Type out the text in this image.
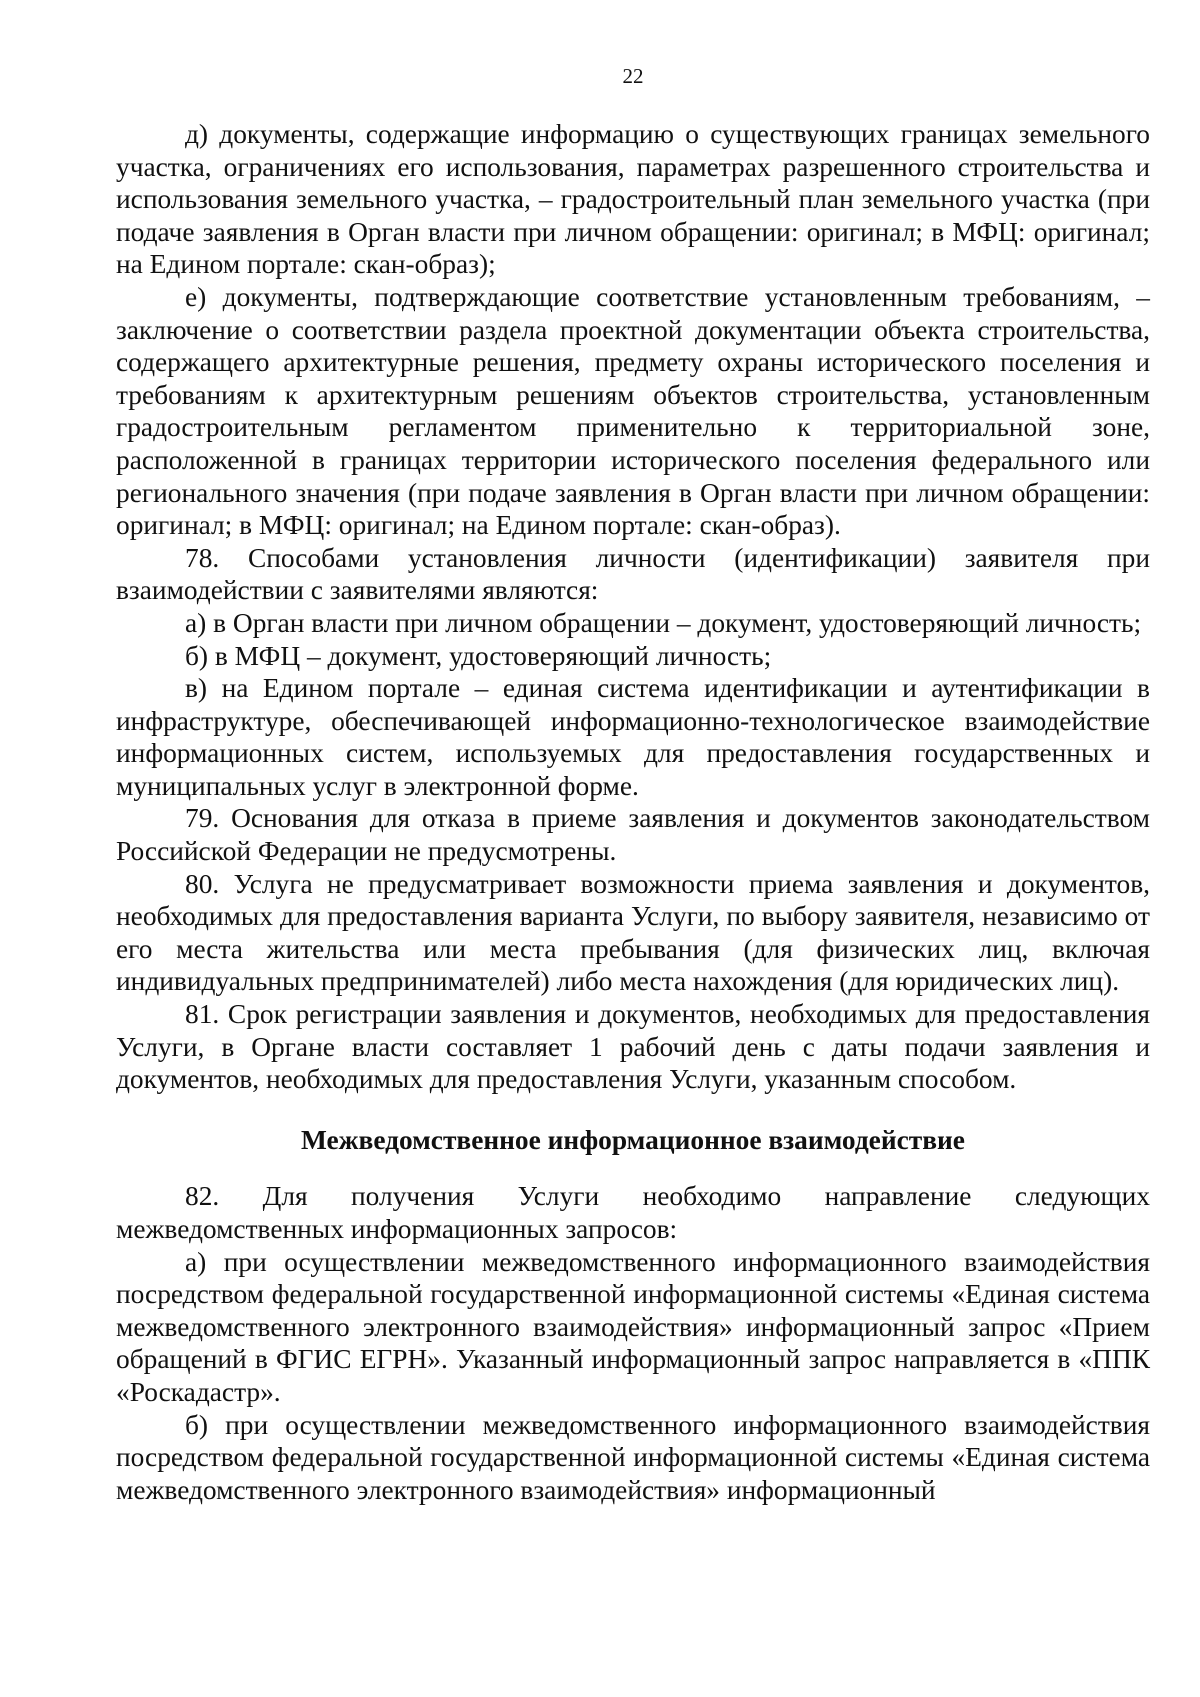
22

д) документы, содержащие информацию о существующих границах земельного участка, ограничениях его использования, параметрах разрешенного строительства и использования земельного участка, – градостроительный план земельного участка (при подаче заявления в Орган власти при личном обращении: оригинал; в МФЦ: оригинал; на Едином портале: скан-образ);

е) документы, подтверждающие соответствие установленным требованиям, – заключение о соответствии раздела проектной документации объекта строительства, содержащего архитектурные решения, предмету охраны исторического поселения и требованиям к архитектурным решениям объектов строительства, установленным градостроительным регламентом применительно к территориальной зоне, расположенной в границах территории исторического поселения федерального или регионального значения (при подаче заявления в Орган власти при личном обращении: оригинал; в МФЦ: оригинал; на Едином портале: скан-образ).

78. Способами установления личности (идентификации) заявителя при взаимодействии с заявителями являются:

а) в Орган власти при личном обращении – документ, удостоверяющий личность;

б) в МФЦ – документ, удостоверяющий личность;

в) на Едином портале – единая система идентификации и аутентификации в инфраструктуре, обеспечивающей информационно-технологическое взаимодействие информационных систем, используемых для предоставления государственных и муниципальных услуг в электронной форме.

79. Основания для отказа в приеме заявления и документов законодательством Российской Федерации не предусмотрены.

80. Услуга не предусматривает возможности приема заявления и документов, необходимых для предоставления варианта Услуги, по выбору заявителя, независимо от его места жительства или места пребывания (для физических лиц, включая индивидуальных предпринимателей) либо места нахождения (для юридических лиц).

81. Срок регистрации заявления и документов, необходимых для предоставления Услуги, в Органе власти составляет 1 рабочий день с даты подачи заявления и документов, необходимых для предоставления Услуги, указанным способом.

Межведомственное информационное взаимодействие

82. Для получения Услуги необходимо направление следующих межведомственных информационных запросов:

а) при осуществлении межведомственного информационного взаимодействия посредством федеральной государственной информационной системы «Единая система межведомственного электронного взаимодействия» информационный запрос «Прием обращений в ФГИС ЕГРН». Указанный информационный запрос направляется в «ППК «Роскадастр».

б) при осуществлении межведомственного информационного взаимодействия посредством федеральной государственной информационной системы «Единая система межведомственного электронного взаимодействия» информационный
